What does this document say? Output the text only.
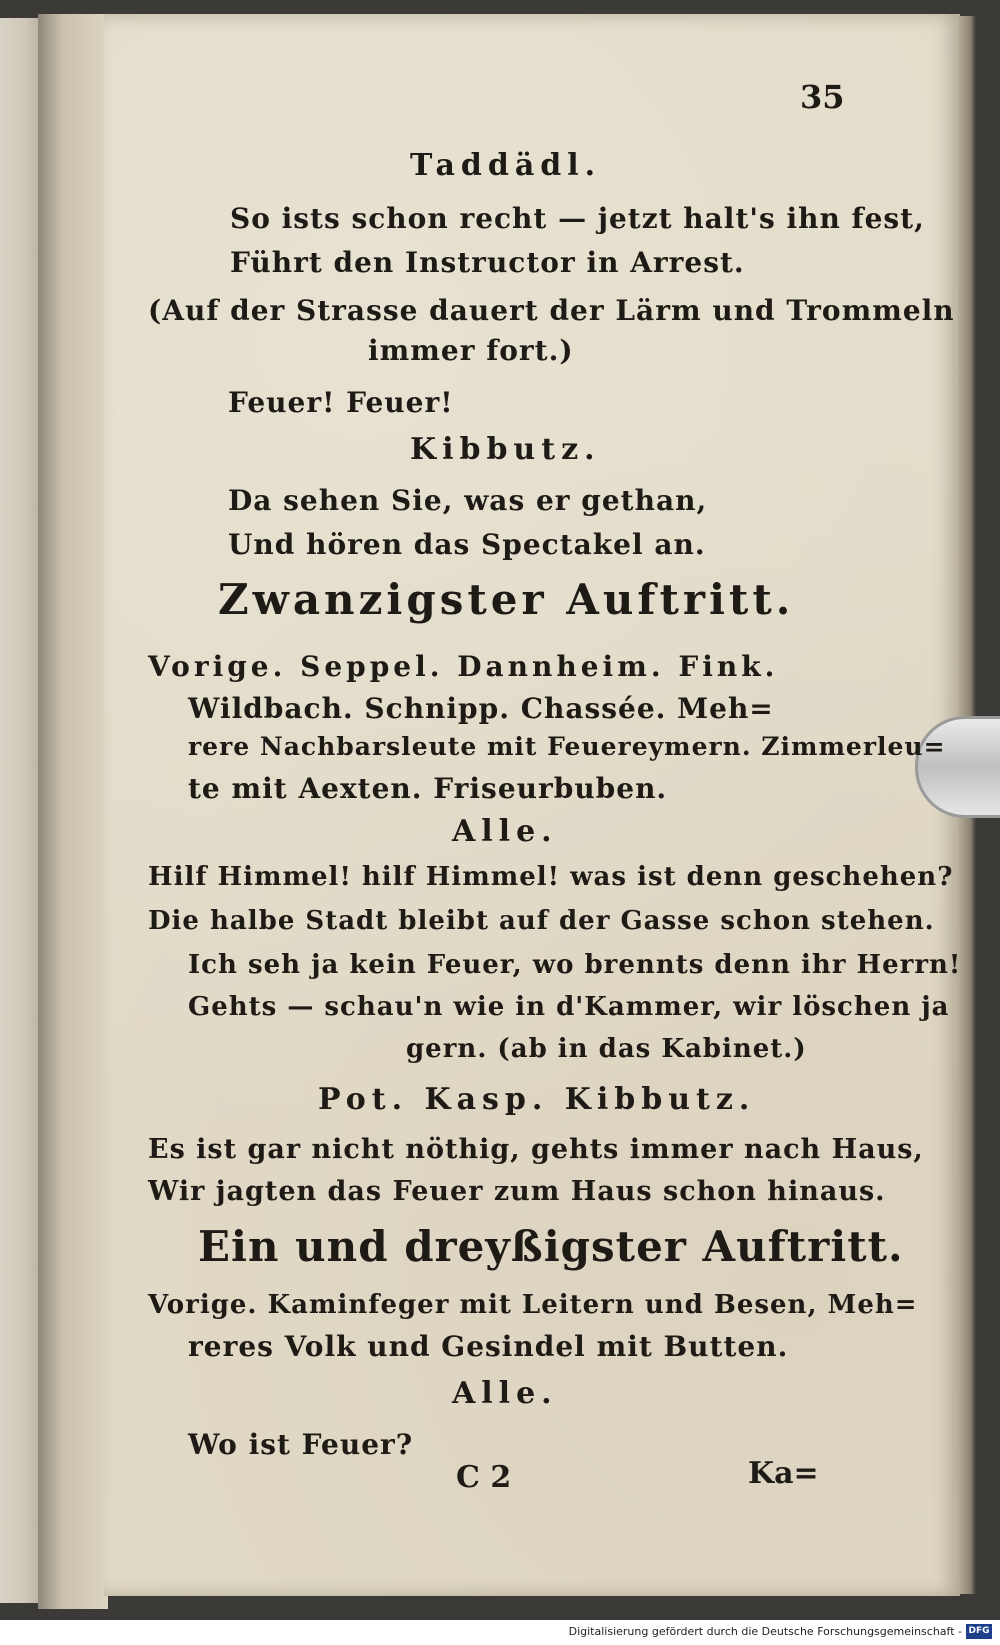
35
Taddädl.
So ists schon recht — jetzt halt's ihn fest,
Führt den Instructor in Arrest.
(Auf der Strasse dauert der Lärm und Trommeln
immer fort.)
Feuer! Feuer!
Kibbutz.
Da sehen Sie, was er gethan,
Und hören das Spectakel an.
Zwanzigster Auftritt.
Vorige. Seppel. Dannheim. Fink.
Wildbach. Schnipp. Chassée. Meh=
rere Nachbarsleute mit Feuereymern. Zimmerleu=
te mit Aexten. Friseurbuben.
Alle.
Hilf Himmel! hilf Himmel! was ist denn geschehen?
Die halbe Stadt bleibt auf der Gasse schon stehen.
Ich seh ja kein Feuer, wo brennts denn ihr Herrn!
Gehts — schau'n wie in d'Kammer, wir löschen ja
gern. (ab in das Kabinet.)
Pot. Kasp. Kibbutz.
Es ist gar nicht nöthig, gehts immer nach Haus,
Wir jagten das Feuer zum Haus schon hinaus.
Ein und dreyßigster Auftritt.
Vorige. Kaminfeger mit Leitern und Besen, Meh=
reres Volk und Gesindel mit Butten.
Alle.
Wo ist Feuer?
C 2	Ka=
Digitalisierung gefördert durch die Deutsche Forschungsgemeinschaft - DFG
